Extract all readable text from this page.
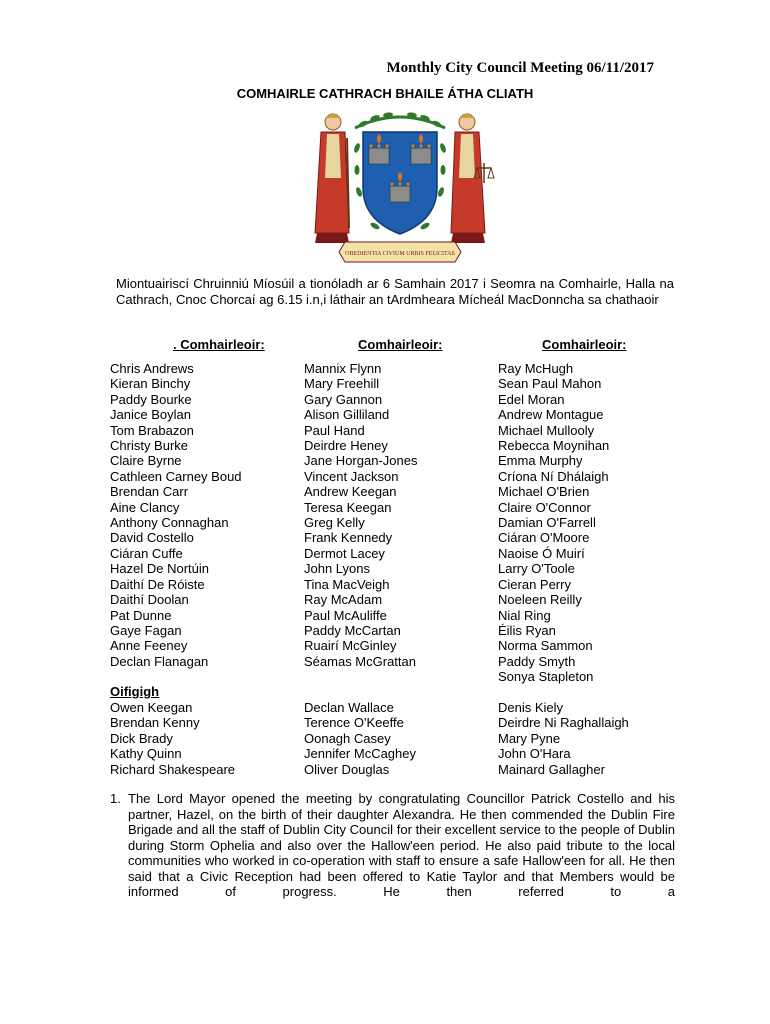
Monthly City Council Meeting 06/11/2017
COMHAIRLE CATHRACH BHAILE ÁTHA CLIATH
OBEDIENTIA CIVIUM URBIS FELICITAS
Miontuairiscí Chruinniú Míosúil a tionóladh ar 6 Samhain 2017 i Seomra na Comhairle, Halla na Cathrach, Cnoc Chorcaí ag 6.15 i.n,i láthair an tArdmheara Mícheál MacDonncha sa chathaoir
. Comhairleoir:	Comhairleoir:	Comhairleoir:
Chris Andrews
Kieran Binchy
Paddy Bourke
Janice Boylan
Tom Brabazon
Christy Burke
Claire Byrne
Cathleen Carney Boud
Brendan Carr
Aine Clancy
Anthony Connaghan
David Costello
Ciáran Cuffe
Hazel De Nortúin
Daithí De Róiste
Daithí Doolan
Pat Dunne
Gaye Fagan
Anne Feeney
Declan Flanagan
Mannix Flynn
Mary Freehill
Gary Gannon
Alison Gilliland
Paul Hand
Deirdre Heney
Jane Horgan-Jones
Vincent Jackson
Andrew Keegan
Teresa Keegan
Greg Kelly
Frank Kennedy
Dermot Lacey
John Lyons
Tina MacVeigh
Ray McAdam
Paul McAuliffe
Paddy McCartan
Ruairí McGinley
Séamas McGrattan
Ray McHugh
Sean Paul Mahon
Edel Moran
Andrew Montague
Michael Mullooly
Rebecca Moynihan
Emma Murphy
Críona Ní Dhálaigh
Michael O'Brien
Claire O'Connor
Damian O'Farrell
Ciáran O'Moore
Naoise Ó Muirí
Larry O'Toole
Cieran Perry
Noeleen Reilly
Nial Ring
Éilis Ryan
Norma Sammon
Paddy Smyth
Sonya Stapleton
Oifigigh
Owen Keegan
Brendan Kenny
Dick Brady
Kathy Quinn
Richard Shakespeare
Declan Wallace
Terence O'Keeffe
Oonagh Casey
Jennifer McCaghey
Oliver Douglas
Denis Kiely
Deirdre Ni Raghallaigh
Mary Pyne
John O'Hara
Mainard Gallagher
1. The Lord Mayor opened the meeting by congratulating Councillor Patrick Costello and his partner, Hazel, on the birth of their daughter Alexandra. He then commended the Dublin Fire Brigade and all the staff of Dublin City Council for their excellent service to the people of Dublin during Storm Ophelia and also over the Hallow'een period. He also paid tribute to the local communities who worked in co-operation with staff to ensure a safe Hallow'een for all. He then said that a Civic Reception had been offered to Katie Taylor and that Members would be informed of progress. He then referred to a
